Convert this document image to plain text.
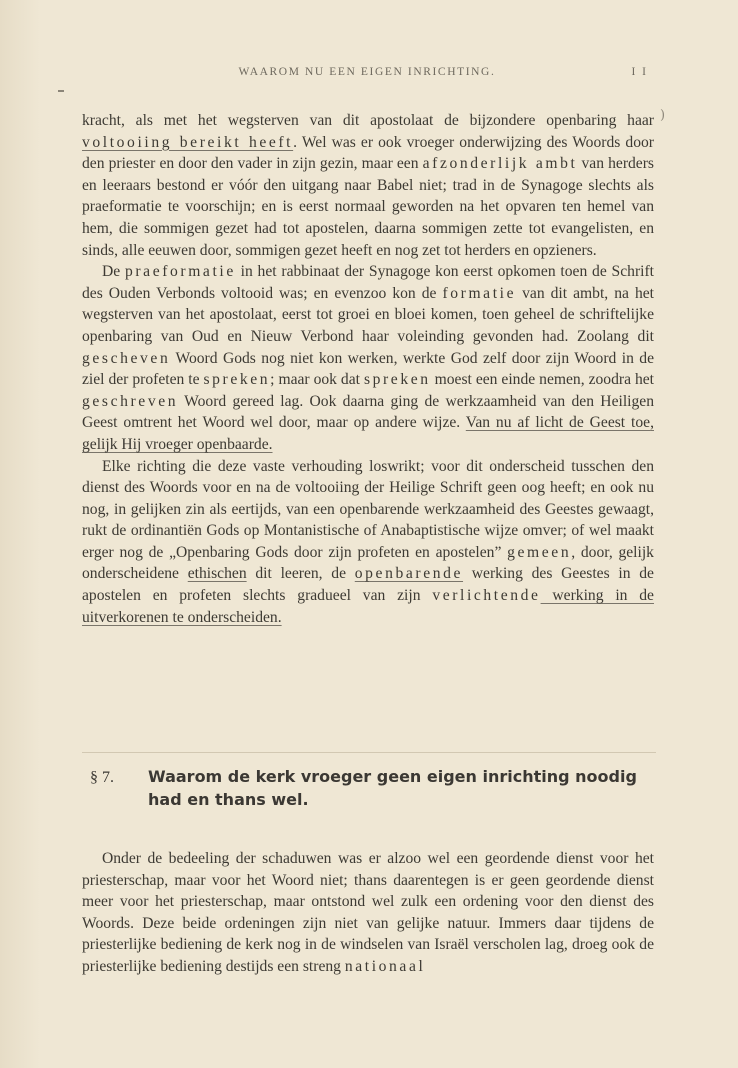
WAAROM NU EEN EIGEN INRICHTING.	I I
)

kracht, als met het wegsterven van dit apostolaat de bijzondere openbaring haar voltooiing bereikt heeft. Wel was er ook vroeger onderwijzing des Woords door den priester en door den vader in zijn gezin, maar een afzonderlijk ambt van herders en leeraars bestond er vóór den uitgang naar Babel niet; trad in de Synagoge slechts als praeformatie te voorschijn; en is eerst normaal geworden na het opvaren ten hemel van hem, die sommigen gezet had tot apostelen, daarna sommigen zette tot evangelisten, en sinds, alle eeuwen door, sommigen gezet heeft en nog zet tot herders en opzieners.

De praeformatie in het rabbinaat der Synagoge kon eerst opkomen toen de Schrift des Ouden Verbonds voltooid was; en evenzoo kon de formatie van dit ambt, na het wegsterven van het apostolaat, eerst tot groei en bloei komen, toen geheel de schriftelijke openbaring van Oud en Nieuw Verbond haar voleinding gevonden had. Zoolang dit gescheven Woord Gods nog niet kon werken, werkte God zelf door zijn Woord in de ziel der profeten te spreken; maar ook dat spreken moest een einde nemen, zoodra het geschreven Woord gereed lag. Ook daarna ging de werkzaamheid van den Heiligen Geest omtrent het Woord wel door, maar op andere wijze. Van nu af licht de Geest toe, gelijk Hij vroeger openbaarde.

Elke richting die deze vaste verhouding loswrikt; voor dit onderscheid tusschen den dienst des Woords voor en na de voltooiing der Heilige Schrift geen oog heeft; en ook nu nog, in gelijken zin als eertijds, van een openbarende werkzaamheid des Geestes gewaagt, rukt de ordinantiën Gods op Montanistische of Anabaptistische wijze omver; of wel maakt erger nog de „Openbaring Gods door zijn profeten en apostelen” gemeen, door, gelijk onderscheidene ethischen dit leeren, de openbarende werking des Geestes in de apostelen en profeten slechts gradueel van zijn verlichtende werking in de uitverkorenen te onderscheiden.

§ 7. Waarom de kerk vroeger geen eigen inrichting noodig
had en thans wel.

Onder de bedeeling der schaduwen was er alzoo wel een geordende dienst voor het priesterschap, maar voor het Woord niet; thans daarentegen is er geen geordende dienst meer voor het priesterschap, maar ontstond wel zulk een ordening voor den dienst des Woords. Deze beide ordeningen zijn niet van gelijke natuur. Immers daar tijdens de priesterlijke bediening de kerk nog in de windselen van Israël verscholen lag, droeg ook de priesterlijke bediening destijds een streng nationaal
